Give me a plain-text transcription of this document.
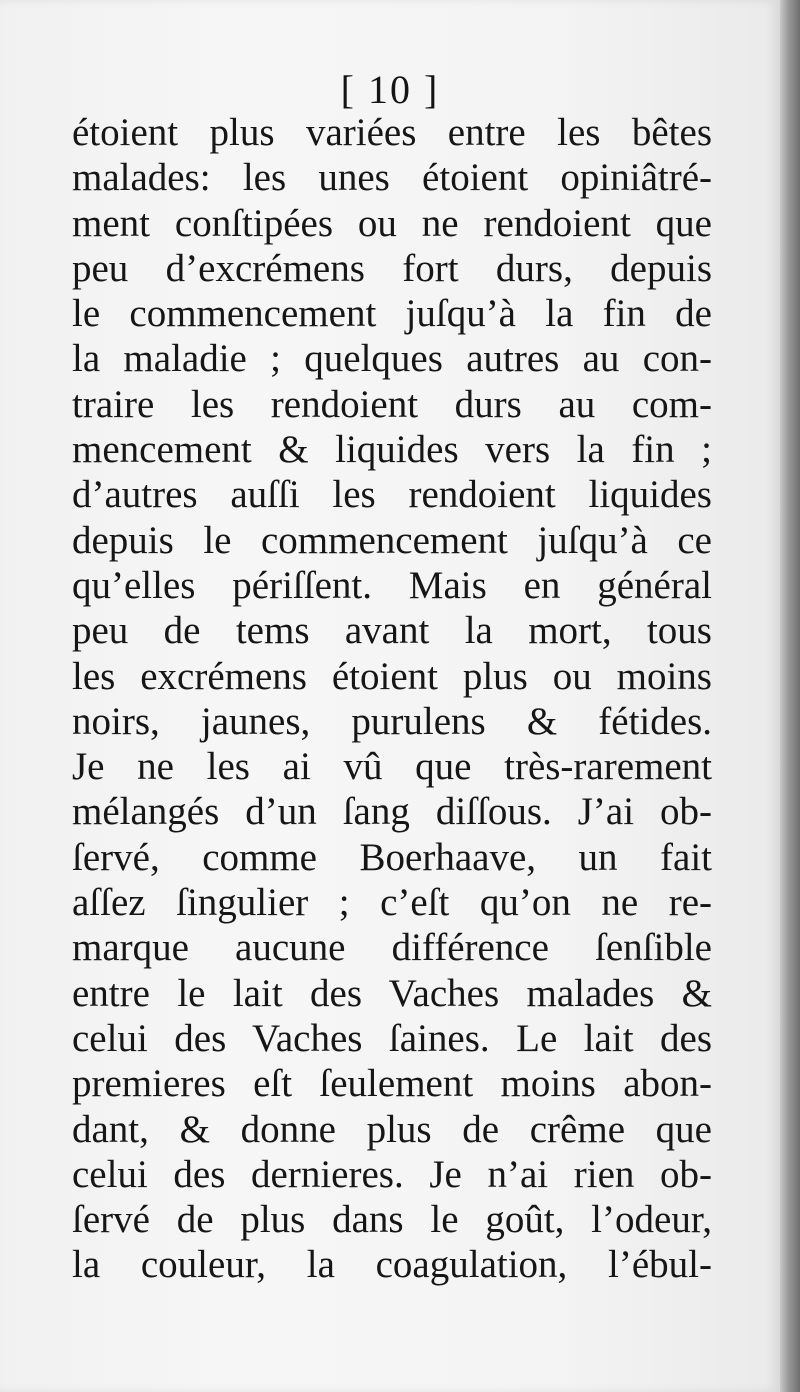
[ 10 ]
étoient plus variées entre les bêtes
malades: les unes étoient opiniâtré-
ment conſtipées ou ne rendoient que
peu d’excrémens fort durs, depuis
le commencement juſqu’à la fin de
la maladie ; quelques autres au con-
traire les rendoient durs au com-
mencement & liquides vers la fin ;
d’autres auſſi les rendoient liquides
depuis le commencement juſqu’à ce
qu’elles périſſent. Mais en général
peu de tems avant la mort, tous
les excrémens étoient plus ou moins
noirs, jaunes, purulens & fétides.
Je ne les ai vû que très-rarement
mélangés d’un ſang diſſous. J’ai ob-
ſervé, comme Boerhaave, un fait
aſſez ſingulier ; c’eſt qu’on ne re-
marque aucune différence ſenſible
entre le lait des Vaches malades &
celui des Vaches ſaines. Le lait des
premieres eſt ſeulement moins abon-
dant, & donne plus de crême que
celui des dernieres. Je n’ai rien ob-
ſervé de plus dans le goût, l’odeur,
la couleur, la coagulation, l’ébul-
